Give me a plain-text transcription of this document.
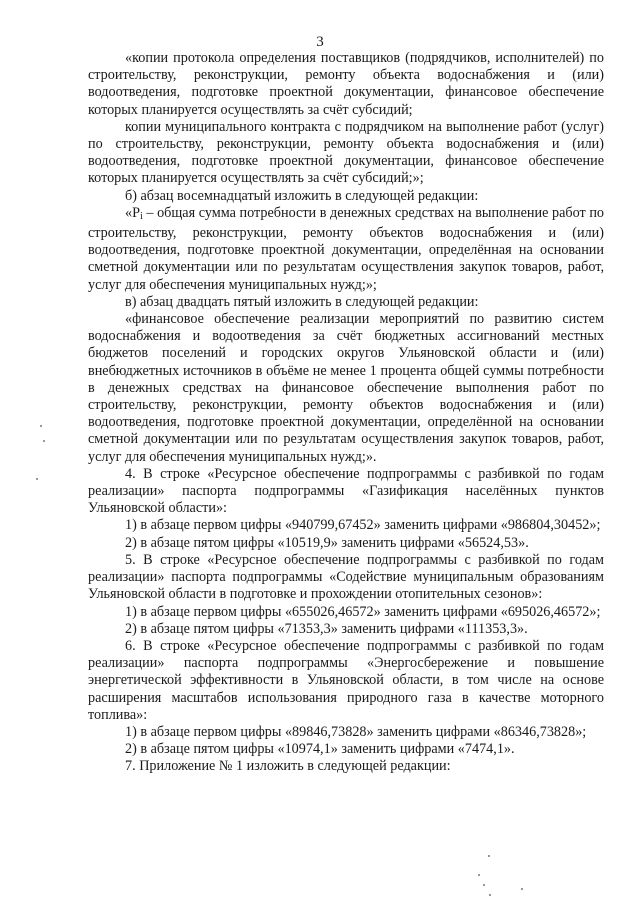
3

«копии протокола определения поставщиков (подрядчиков, исполнителей) по строительству, реконструкции, ремонту объекта водоснабжения и (или) водоотведения, подготовке проектной документации, финансовое обеспечение которых планируется осуществлять за счёт субсидий;

копии муниципального контракта с подрядчиком на выполнение работ (услуг) по строительству, реконструкции, ремонту объекта водоснабжения и (или) водоотведения, подготовке проектной документации, финансовое обеспечение которых планируется осуществлять за счёт субсидий;»;

б) абзац восемнадцатый изложить в следующей редакции:

«Pi – общая сумма потребности в денежных средствах на выполнение работ по строительству, реконструкции, ремонту объектов водоснабжения и (или) водоотведения, подготовке проектной документации, определённая на основании сметной документации или по результатам осуществления закупок товаров, работ, услуг для обеспечения муниципальных нужд;»;

в) абзац двадцать пятый изложить в следующей редакции:

«финансовое обеспечение реализации мероприятий по развитию систем водоснабжения и водоотведения за счёт бюджетных ассигнований местных бюджетов поселений и городских округов Ульяновской области и (или) внебюджетных источников в объёме не менее 1 процента общей суммы потребности в денежных средствах на финансовое обеспечение выполнения работ по строительству, реконструкции, ремонту объектов водоснабжения и (или) водоотведения, подготовке проектной документации, определённой на основании сметной документации или по результатам осуществления закупок товаров, работ, услуг для обеспечения муниципальных нужд;».

4. В строке «Ресурсное обеспечение подпрограммы с разбивкой по годам реализации» паспорта подпрограммы «Газификация населённых пунктов Ульяновской области»:

1) в абзаце первом цифры «940799,67452» заменить цифрами «986804,30452»;

2) в абзаце пятом цифры «10519,9» заменить цифрами «56524,53».

5. В строке «Ресурсное обеспечение подпрограммы с разбивкой по годам реализации» паспорта подпрограммы «Содействие муниципальным образованиям Ульяновской области в подготовке и прохождении отопительных сезонов»:

1) в абзаце первом цифры «655026,46572» заменить цифрами «695026,46572»;

2) в абзаце пятом цифры «71353,3» заменить цифрами «111353,3».

6. В строке «Ресурсное обеспечение подпрограммы с разбивкой по годам реализации» паспорта подпрограммы «Энергосбережение и повышение энергетической эффективности в Ульяновской области, в том числе на основе расширения масштабов использования природного газа в качестве моторного топлива»:

1) в абзаце первом цифры «89846,73828» заменить цифрами «86346,73828»;

2) в абзаце пятом цифры «10974,1» заменить цифрами «7474,1».

7. Приложение № 1 изложить в следующей редакции:
